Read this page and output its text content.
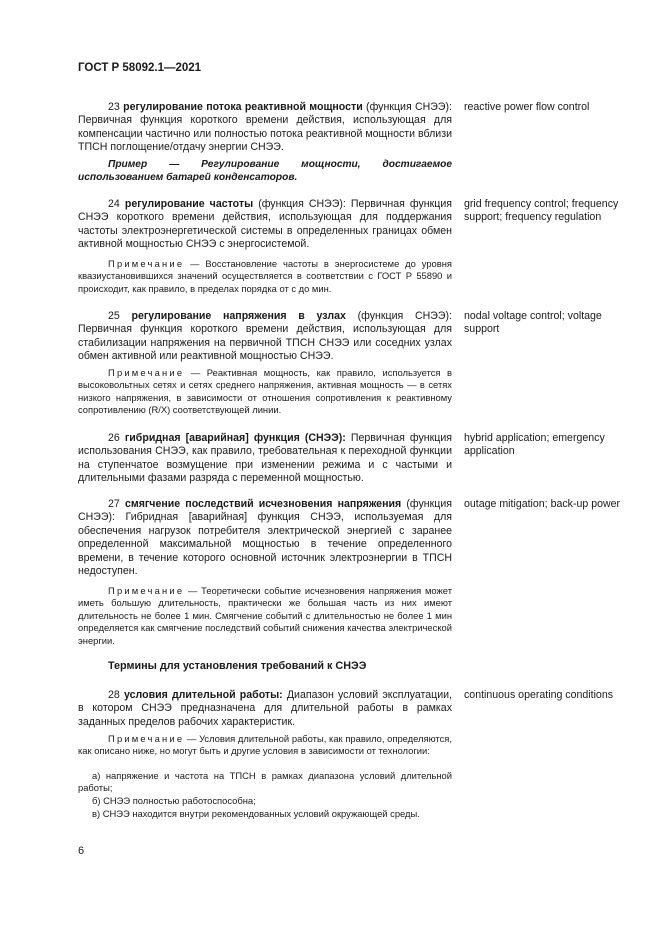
ГОСТ Р 58092.1—2021
23 регулирование потока реактивной мощности (функция СНЭЭ): Первичная функция короткого времени действия, использующая для компенсации частично или полностью потока реактивной мощности вблизи ТПСН поглощение/отдачу энергии СНЭЭ.
reactive power flow control
Пример — Регулирование мощности, достигаемое использованием батарей конденсаторов.
24 регулирование частоты (функция СНЭЭ): Первичная функция СНЭЭ короткого времени действия, использующая для поддержания частоты электроэнергетической системы в определенных границах обмен активной мощностью СНЭЭ с энергосистемой.
grid frequency control; frequency support; frequency regulation
Примечание — Восстановление частоты в энергосистеме до уровня квазиустановившихся значений осуществляется в соответствии с ГОСТ Р 55890 и происходит, как правило, в пределах порядка от с до мин.
25 регулирование напряжения в узлах (функция СНЭЭ): Первичная функция короткого времени действия, использующая для стабилизации напряжения на первичной ТПСН СНЭЭ или соседних узлах обмен активной или реактивной мощностью СНЭЭ.
nodal voltage control; voltage support
Примечание — Реактивная мощность, как правило, используется в высоковольтных сетях и сетях среднего напряжения, активная мощность — в сетях низкого напряжения, в зависимости от отношения сопротивления к реактивному сопротивлению (R/X) соответствующей линии.
26 гибридная [аварийная] функция (СНЭЭ): Первичная функция использования СНЭЭ, как правило, требовательная к переходной функции на ступенчатое возмущение при изменении режима и с частыми и длительными фазами разряда с переменной мощностью.
hybrid application; emergency application
27 смягчение последствий исчезновения напряжения (функция СНЭЭ): Гибридная [аварийная] функция СНЭЭ, используемая для обеспечения нагрузок потребителя электрической энергией с заранее определенной максимальной мощностью в течение определенного времени, в течение которого основной источник электроэнергии в ТПСН недоступен.
outage mitigation; back-up power
Примечание — Теоретически событие исчезновения напряжения может иметь большую длительность, практически же большая часть из них имеют длительность не более 1 мин. Смягчение событий с длительностью не более 1 мин определяется как смягчение последствий событий снижения качества электрической энергии.
Термины для установления требований к СНЭЭ
28 условия длительной работы: Диапазон условий эксплуатации, в котором СНЭЭ предназначена для длительной работы в рамках заданных пределов рабочих характеристик.
continuous operating conditions
Примечание — Условия длительной работы, как правило, определяются, как описано ниже, но могут быть и другие условия в зависимости от технологии:
а) напряжение и частота на ТПСН в рамках диапазона условий длительной работы;
б) СНЭЭ полностью работоспособна;
в) СНЭЭ находится внутри рекомендованных условий окружающей среды.
6
